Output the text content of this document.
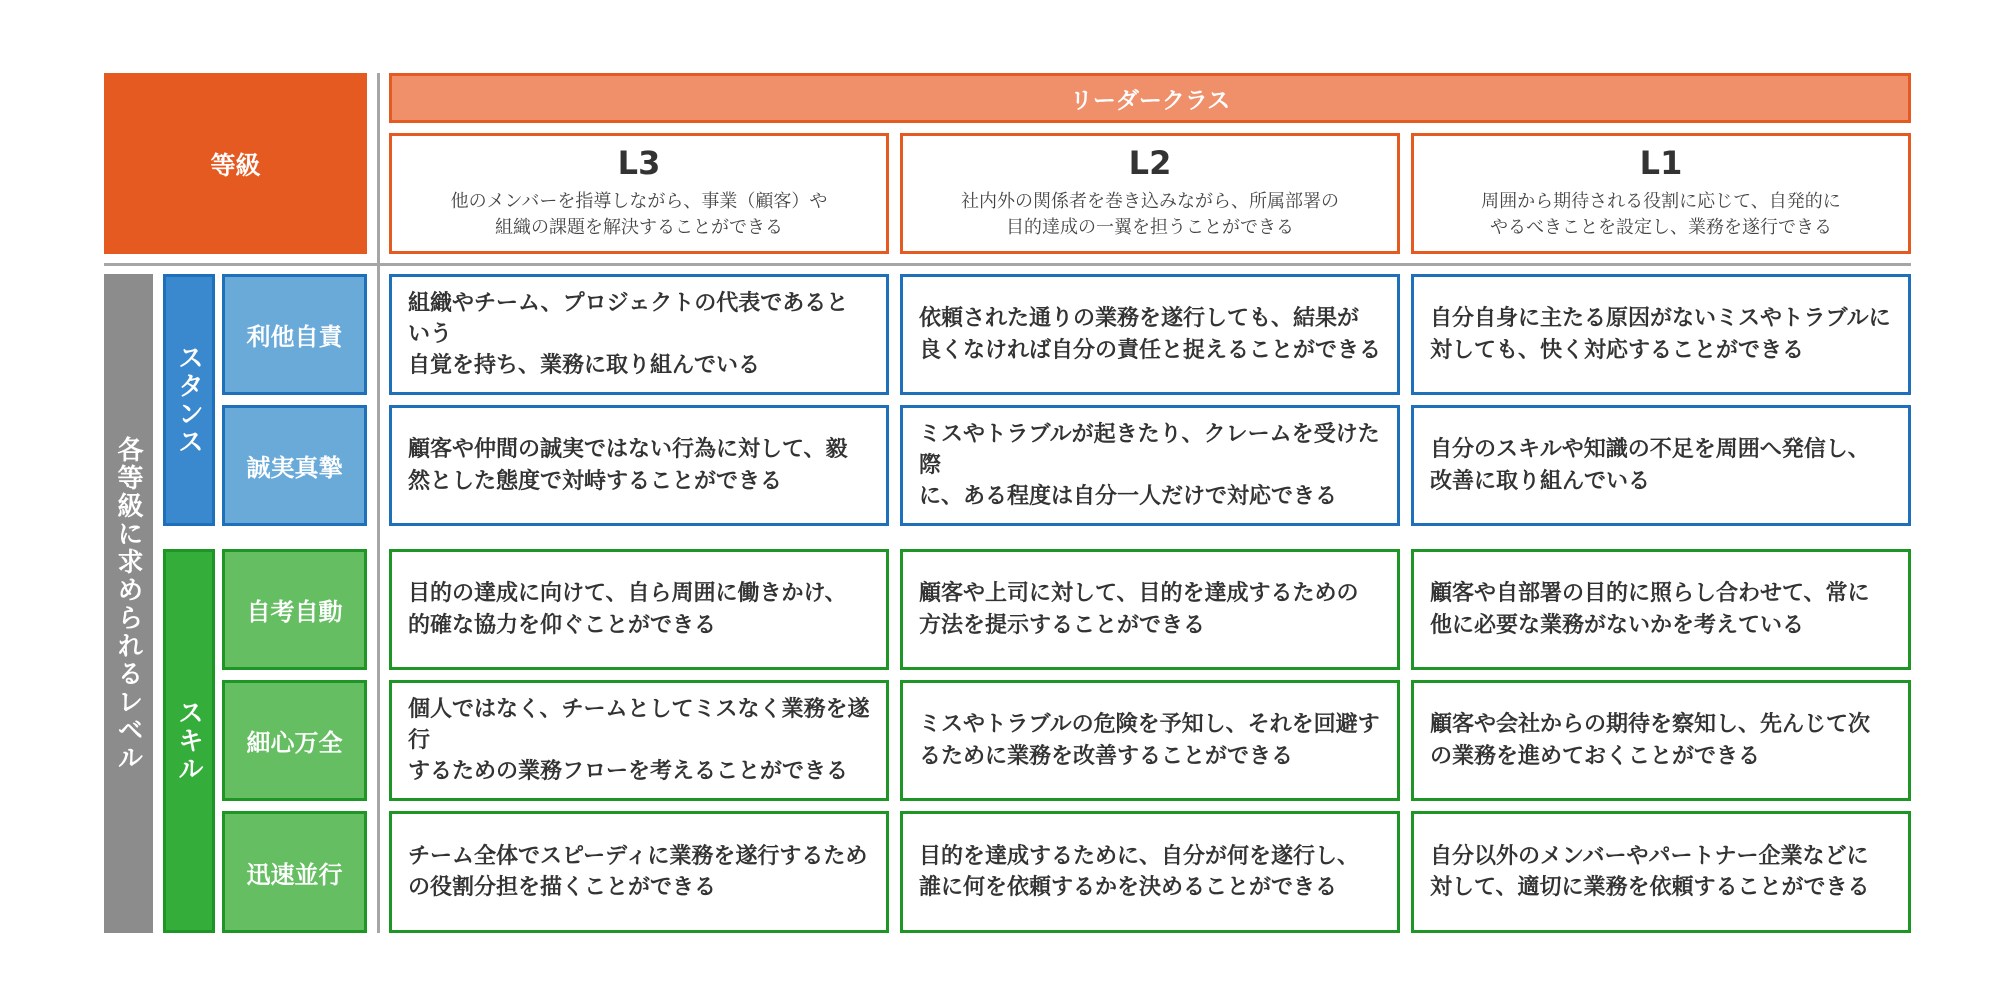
等級
リーダークラス
L3
他のメンバーを指導しながら、事業（顧客）や
組織の課題を解決することができる
L2
社内外の関係者を巻き込みながら、所属部署の
目的達成の一翼を担うことができる
L1
周囲から期待される役割に応じて、自発的に
やるべきことを設定し、業務を遂行できる
各等級に求められるレベル
スタンス
スキル
利他自責
誠実真摯
自考自動
細心万全
迅速並行
組織やチーム、プロジェクトの代表であるという
自覚を持ち、業務に取り組んでいる
依頼された通りの業務を遂行しても、結果が
良くなければ自分の責任と捉えることができる
自分自身に主たる原因がないミスやトラブルに
対しても、快く対応することができる
顧客や仲間の誠実ではない行為に対して、毅
然とした態度で対峙することができる
ミスやトラブルが起きたり、クレームを受けた際
に、ある程度は自分一人だけで対応できる
自分のスキルや知識の不足を周囲へ発信し、
改善に取り組んでいる
目的の達成に向けて、自ら周囲に働きかけ、
的確な協力を仰ぐことができる
顧客や上司に対して、目的を達成するための
方法を提示することができる
顧客や自部署の目的に照らし合わせて、常に
他に必要な業務がないかを考えている
個人ではなく、チームとしてミスなく業務を遂行
するための業務フローを考えることができる
ミスやトラブルの危険を予知し、それを回避す
るために業務を改善することができる
顧客や会社からの期待を察知し、先んじて次
の業務を進めておくことができる
チーム全体でスピーディに業務を遂行するため
の役割分担を描くことができる
目的を達成するために、自分が何を遂行し、
誰に何を依頼するかを決めることができる
自分以外のメンバーやパートナー企業などに
対して、適切に業務を依頼することができる
